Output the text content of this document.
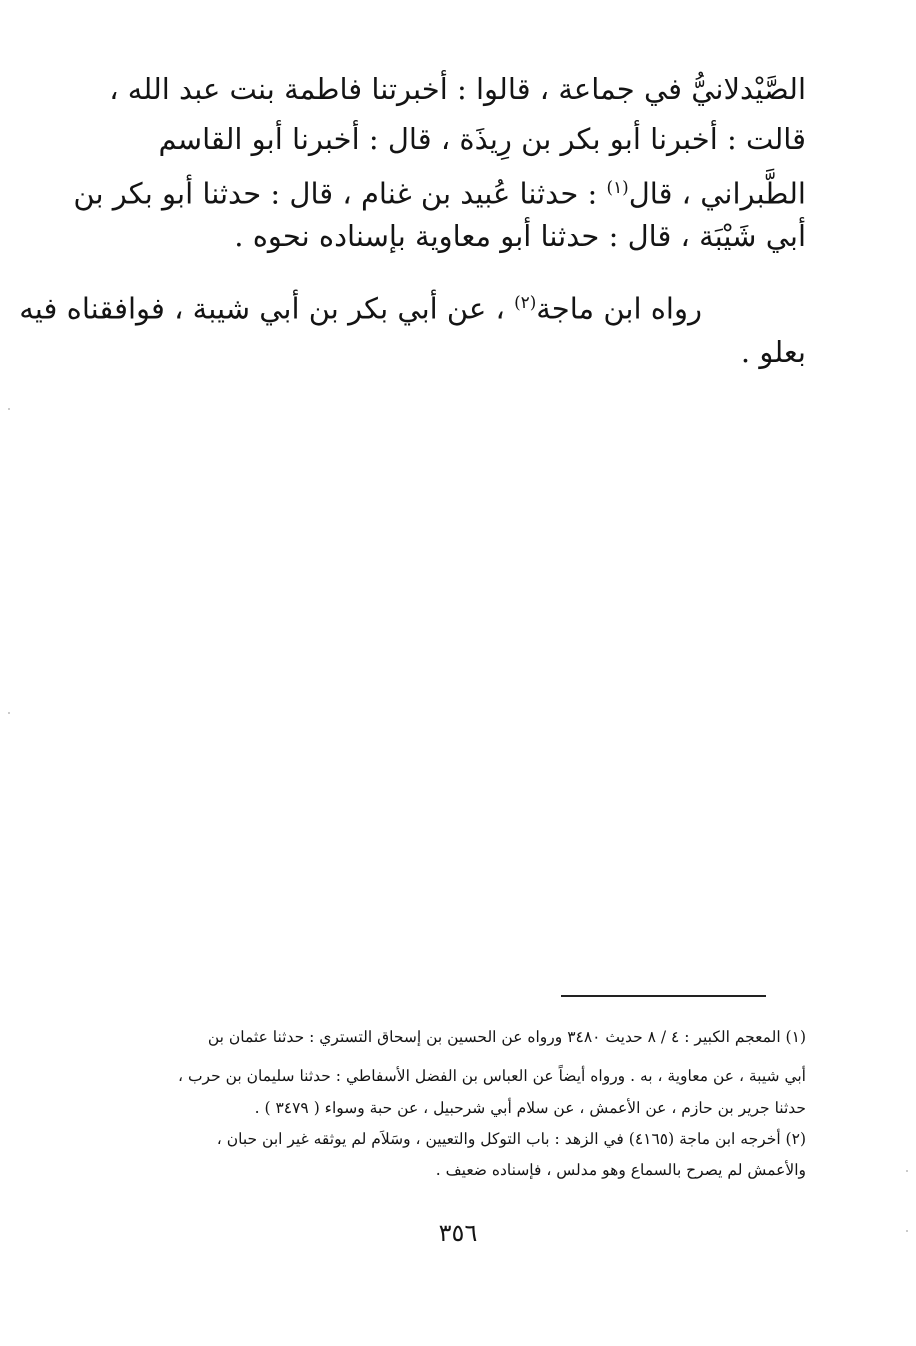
الصَّيْدلانيُّ في جماعة ، قالوا : أخبرتنا فاطمة بنت عبد الله ،
قالت : أخبرنا أبو بكر بن رِيذَة ، قال : أخبرنا أبو القاسم
الطَّبراني ، قال$^{(١)}$ : حدثنا عُبيد بن غنام ، قال : حدثنا أبو بكر بن
أبي شَيْبَة ، قال : حدثنا أبو معاوية بإسناده نحوه .
رواه ابن ماجة$^{(٢)}$ ، عن أبي بكر بن أبي شيبة ، فوافقناه فيه
بعلو .
(١) المعجم الكبير : ٤ / ٨ حديث ٣٤٨٠ ورواه عن الحسين بن إسحاق التستري : حدثنا عثمان بن
أبي شيبة ، عن معاوية ، به . ورواه أيضاً عن العباس بن الفضل الأسفاطي : حدثنا سليمان بن حرب ،
حدثنا جرير بن حازم ، عن الأعمش ، عن سلام أبي شرحبيل ، عن حبة وسواء ( ٣٤٧٩ ) .
(٢) أخرجه ابن ماجة (٤١٦٥) في الزهد : باب التوكل والتعيين ، وسَلاَم لم يوثقه غير ابن حبان ،
والأعمش لم يصرح بالسماع وهو مدلس ، فإسناده ضعيف .
٣٥٦
